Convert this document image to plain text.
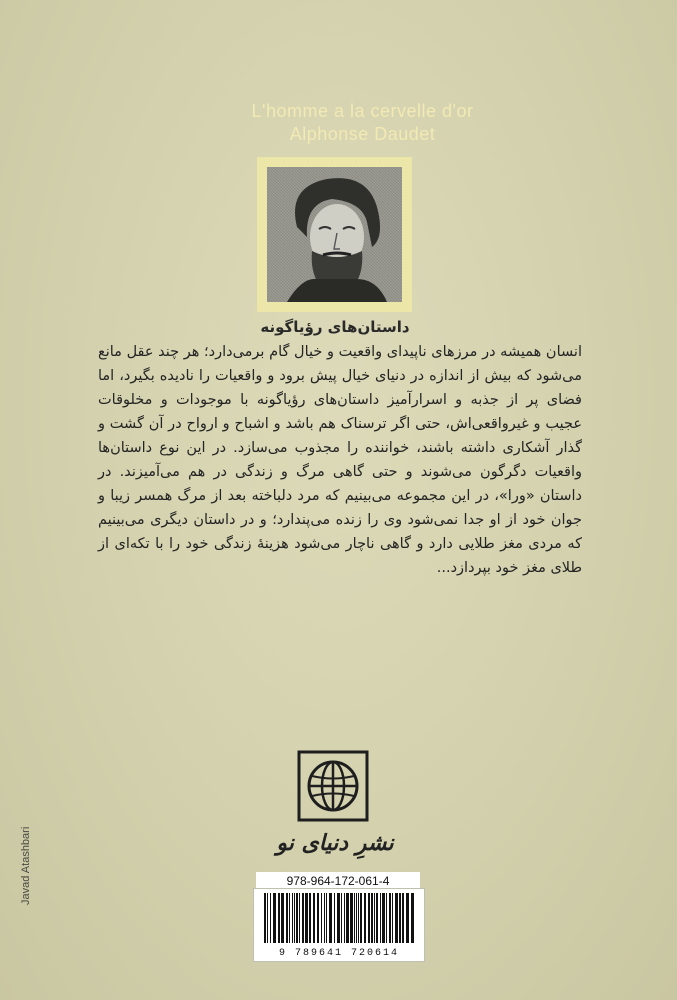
L'homme a la cervelle d'or
Alphonse Daudet
داستان‌های رؤیاگونه
انسان همیشه در مرزهای ناپیدای واقعیت و خیال گام برمی‌دارد؛ هر چند عقل مانع می‌شود که بیش از اندازه در دنیای خیال پیش برود و واقعیات را نادیده بگیرد، اما فضای پر از جذبه و اسرارآمیز داستان‌های رؤیاگونه با موجودات و مخلوقات عجیب و غیرواقعی‌اش، حتی اگر ترسناک هم باشد و اشباح و ارواح در آن گشت و گذار آشکاری داشته باشند، خواننده را مجذوب می‌سازد. در این نوع داستان‌ها واقعیات دگرگون می‌شوند و حتی گاهی مرگ و زندگی در هم می‌آمیزند. در داستان «ورا»، در این مجموعه می‌بینیم که مرد دلباخته بعد از مرگ همسر زیبا و جوان خود از او جدا نمی‌شود وی را زنده می‌پندارد؛ و در داستان دیگری می‌بینیم که مردی مغز طلایی دارد و گاهی ناچار می‌شود هزینهٔ زندگی خود را با تکه‌ای از طلای مغز خود بپردازد...
نشرِ دنیای نو
978-964-172-061-4
9 789641 720614
Javad Atashbari
